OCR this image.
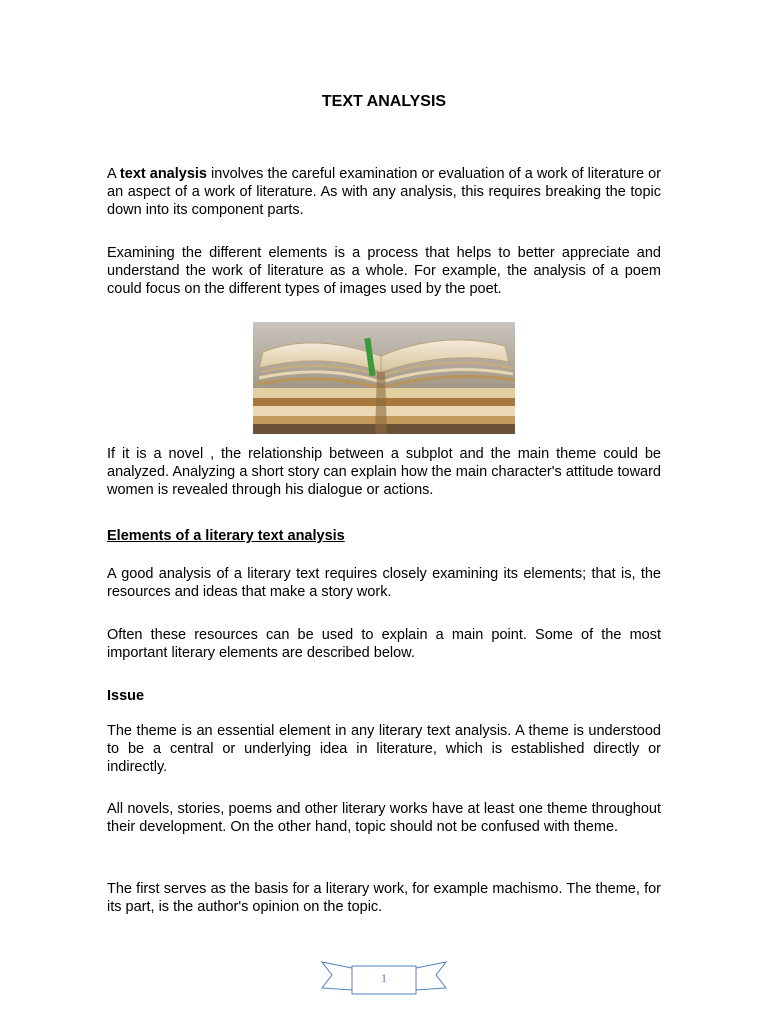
TEXT ANALYSIS

A text analysis involves the careful examination or evaluation of a work of literature or an aspect of a work of literature. As with any analysis, this requires breaking the topic down into its component parts.

Examining the different elements is a process that helps to better appreciate and understand the work of literature as a whole. For example, the analysis of a poem could focus on the different types of images used by the poet.

If it is a novel , the relationship between a subplot and the main theme could be analyzed. Analyzing a short story can explain how the main character's attitude toward women is revealed through his dialogue or actions.

Elements of a literary text analysis

A good analysis of a literary text requires closely examining its elements; that is, the resources and ideas that make a story work.

Often these resources can be used to explain a main point. Some of the most important literary elements are described below.

Issue

The theme is an essential element in any literary text analysis. A theme is understood to be a central or underlying idea in literature, which is established directly or indirectly.

All novels, stories, poems and other literary works have at least one theme throughout their development. On the other hand, topic should not be confused with theme.

The first serves as the basis for a literary work, for example machismo. The theme, for its part, is the author's opinion on the topic.

1
